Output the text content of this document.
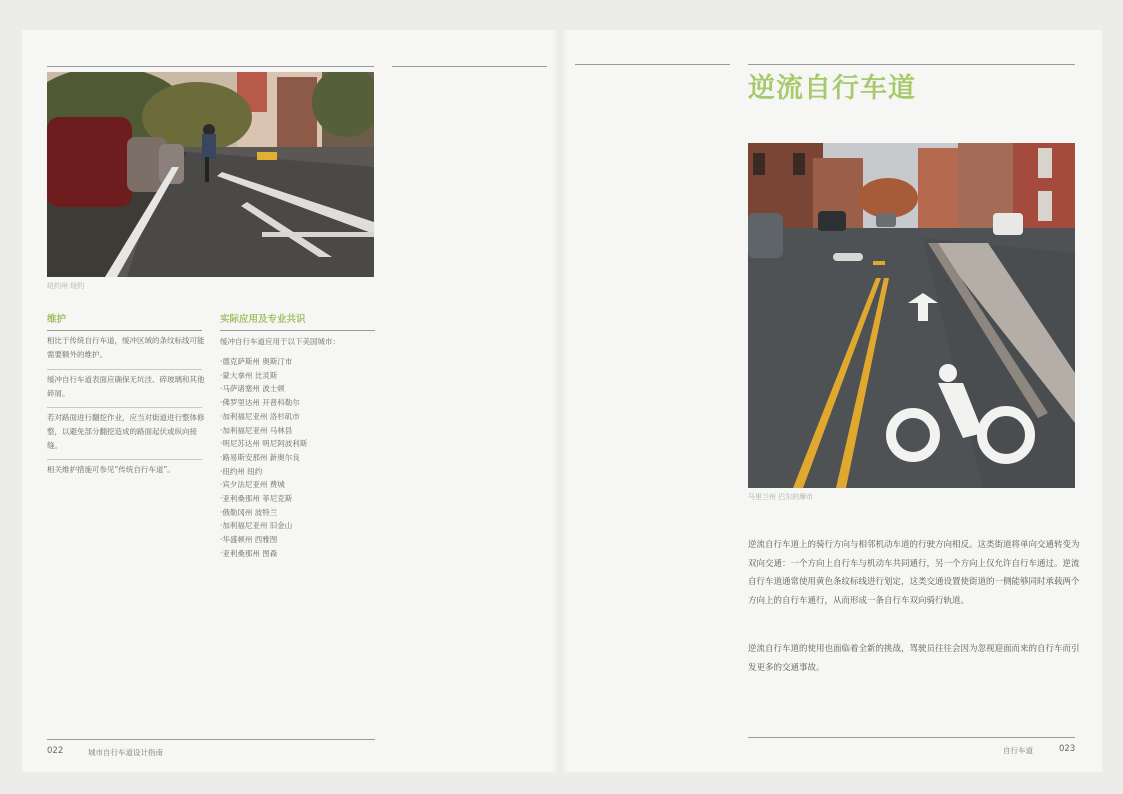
纽约州 纽约
维护
相比于传统自行车道，缓冲区域的条纹标线可能需要额外的维护。
缓冲自行车道表面应确保无坑洼、碎玻璃和其他碎屑。
若对路面进行翻挖作业，应当对街道进行整体修整，以避免部分翻挖造成的路面起伏或纵向接缝。
相关维护措施可参见“传统自行车道”。
实际应用及专业共识
缓冲自行车道应用于以下美国城市：
·德克萨斯州 奥斯汀市
·蒙大拿州 比灵斯
·马萨诸塞州 波士顿
·佛罗里达州 开普科勒尔
·加利福尼亚州 洛杉矶市
·加利福尼亚州 马林县
·明尼苏达州 明尼阿波利斯
·路易斯安那州 新奥尔良
·纽约州 纽约
·宾夕法尼亚州 费城
·亚利桑那州 菲尼克斯
·俄勒冈州 波特兰
·加利福尼亚州 旧金山
·华盛顿州 西雅图
·亚利桑那州 图森
022	城市自行车道设计指南
逆流自行车道
马里兰州 巴尔的摩市
逆流自行车道上的骑行方向与相邻机动车道的行驶方向相反。这类街道将单向交通转变为双向交通：一个方向上自行车与机动车共同通行，另一个方向上仅允许自行车通过。逆流自行车道通常使用黄色条纹标线进行划定，这类交通设置使街道的一侧能够同时承载两个方向上的自行车通行，从而形成一条自行车双向骑行轨道。
逆流自行车道的使用也面临着全新的挑战，驾驶员往往会因为忽视迎面而来的自行车而引发更多的交通事故。
自行车道	023
